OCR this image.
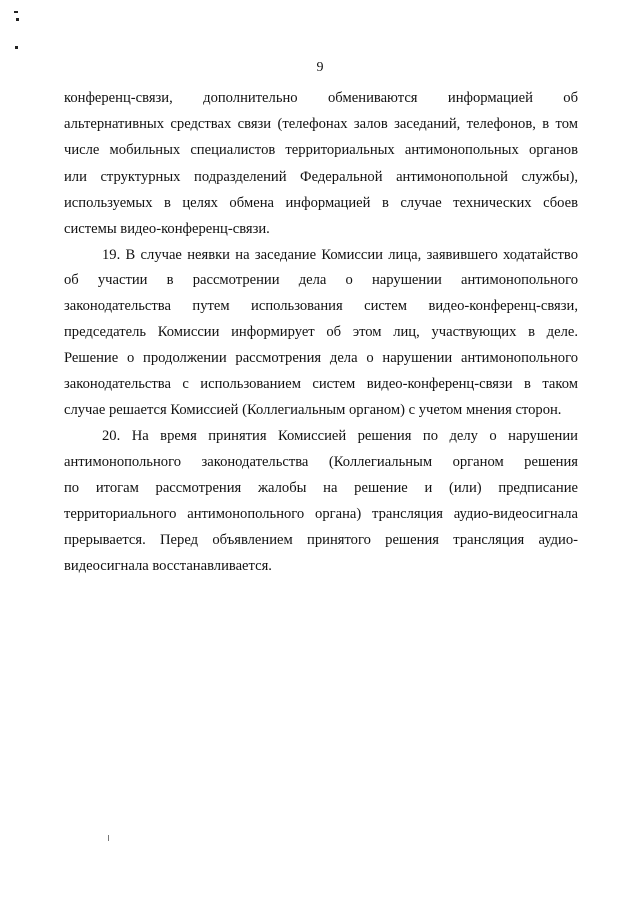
9
конференц-связи, дополнительно обмениваются информацией об
альтернативных средствах связи (телефонах залов заседаний, телефонов, в том
числе мобильных специалистов территориальных антимонопольных органов
или структурных подразделений Федеральной антимонопольной службы),
используемых в целях обмена информацией в случае технических сбоев
системы видео-конференц-связи.
19. В случае неявки на заседание Комиссии лица, заявившего ходатайство
об участии в рассмотрении дела о нарушении антимонопольного
законодательства путем использования систем видео-конференц-связи,
председатель Комиссии информирует об этом лиц, участвующих в деле.
Решение о продолжении рассмотрения дела о нарушении антимонопольного
законодательства с использованием систем видео-конференц-связи в таком
случае решается Комиссией (Коллегиальным органом) с учетом мнения сторон.
20. На время принятия Комиссией решения по делу о нарушении
антимонопольного законодательства (Коллегиальным органом решения
по итогам рассмотрения жалобы на решение и (или) предписание
территориального антимонопольного органа) трансляция аудио-видеосигнала
прерывается. Перед объявлением принятого решения трансляция аудио-
видеосигнала восстанавливается.
